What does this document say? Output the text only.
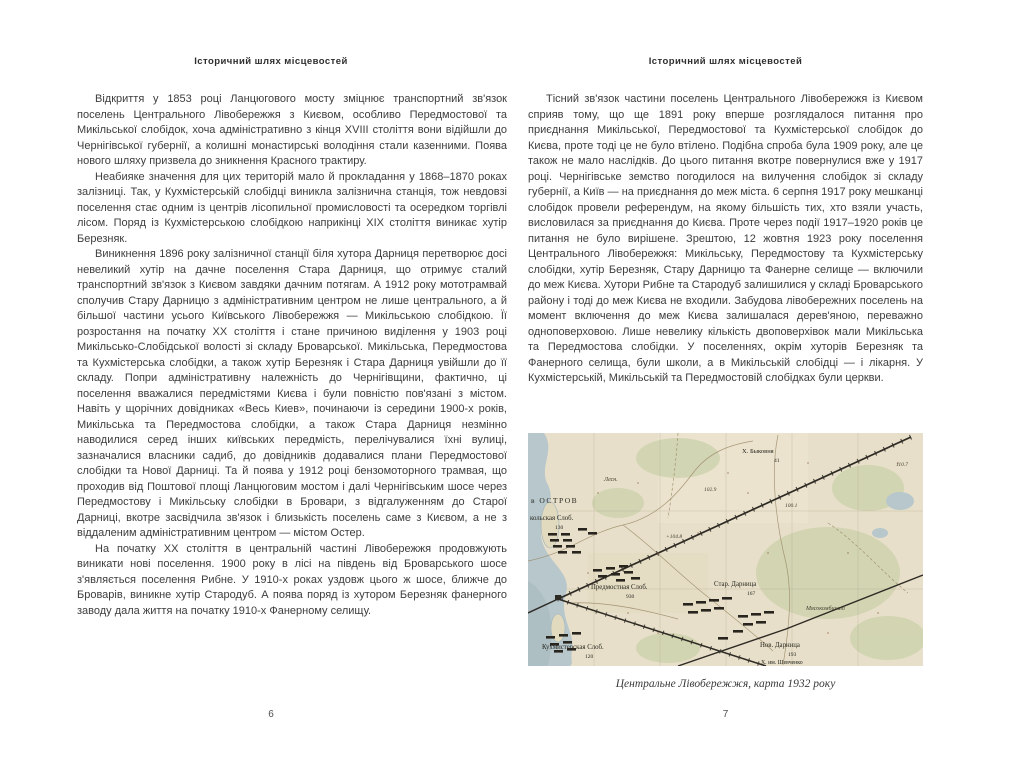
Історичний шлях місцевостей

Відкриття у 1853 році Ланцюгового мосту зміцнює транспортний зв'язок поселень Центрального Лівобережжя з Києвом, особливо Передмостової та Микільської слобідок, хоча адміністративно з кінця XVIII століття вони відійшли до Чернігівської губернії, а колишні монастирські володіння стали казенними. Поява нового шляху призвела до зникнення Красного трактиру.

Неабияке значення для цих територій мало й прокладання у 1868–1870 роках залізниці. Так, у Кухмістерській слобідці виникла залізнична станція, тож невдовзі поселення стає одним із центрів лісопильної промисловості та осередком торгівлі лісом. Поряд із Кухмістерською слобідкою наприкінці XIX століття виникає хутір Березняк.

Виникнення 1896 року залізничної станції біля хутора Дарниця перетворює досі невеликий хутір на дачне поселення Стара Дарниця, що отримує сталий транспортний зв'язок з Києвом завдяки дачним потягам. А 1912 року мототрамвай сполучив Стару Дарницю з адміністративним центром не лише центрального, а й більшої частини усього Київського Лівобережжя — Микільською слобідкою. Її розростання на початку XX століття і стане причиною виділення у 1903 році Микільсько-Слобідської волості зі складу Броварської. Микільська, Передмостова та Кухмістерська слобідки, а також хутір Березняк і Стара Дарниця увійшли до її складу. Попри адміністративну належність до Чернігівщини, фактично, ці поселення вважалися передмістями Києва і були повністю пов'язані з містом. Навіть у щорічних довідниках «Весь Киев», починаючи із середини 1900-х років, Микільська та Передмостова слобідки, а також Стара Дарниця незмінно наводилися серед інших київських передмість, перелічувалися їхні вулиці, зазначалися власники садиб, до довідників додавалися плани Передмостової слобідки та Нової Дарниці. Та й поява у 1912 році бензомоторного трамвая, що проходив від Поштової площі Ланцюговим мостом і далі Чернігівським шосе через Передмостову і Микільську слобідки в Бровари, з відгалуженням до Старої Дарниці, вкотре засвідчила зв'язок і близькість поселень саме з Києвом, а не з віддаленим адміністративним центром — містом Остер.

На початку XX століття в центральній частині Лівобережжя продовжують виникати нові поселення. 1900 року в лісі на південь від Броварського шосе з'являється поселення Рибне. У 1910-х роках уздовж цього ж шосе, ближче до Броварів, виникне хутір Стародуб. А поява поряд із хутором Березняк фанерного заводу дала життя на початку 1910-х Фанерному селищу.

6
Історичний шлях місцевостей

Тісний зв'язок частини поселень Центрального Лівобережжя із Києвом сприяв тому, що ще 1891 року вперше розглядалося питання про приєднання Микільської, Передмостової та Кухмістерської слобідок до Києва, проте тоді це не було втілено. Подібна спроба була 1909 року, але це також не мало наслідків. До цього питання вкотре повернулися вже у 1917 році. Чернігівське земство погодилося на вилучення слобідок зі складу губернії, а Київ — на приєднання до меж міста. 6 серпня 1917 року мешканці слобідок провели референдум, на якому більшість тих, хто взяли участь, висловилася за приєднання до Києва. Проте через події 1917–1920 років це питання не було вирішене. Зрештою, 12 жовтня 1923 року поселення Центрального Лівобережжя: Микільську, Передмостову та Кухмістерську слобідки, хутір Березняк, Стару Дарницю та Фанерне селище — включили до меж Києва. Хутори Рибне та Стародуб залишилися у складі Броварського району і тоді до меж Києва не входили. Забудова лівобережних поселень на момент включення до меж Києва залишалася дерев'яною, переважно одноповерховою. Лише невелику кількість двоповерхівок мали Микільська та Передмостова слобідки. У поселеннях, окрім хуторів Березняк та Фанерного селища, були школи, а в Микільській слобідці — і лікарня. У Кухмістерській, Микільській та Передмостовій слобідках були церкви.

в ОСТРОВ
кольская Слоб.
130
Лесн.
Х. Быковня
41
102.9
100.1
110.7
+104.8
Предмостная Слоб.
930
Стар. Дарница
167
Мясокомбинат
Нов. Дарница
193
Х. им. Шевченко
Кухмистерская Слоб.
120
Центральне Лівобережжя, карта 1932 року
7
